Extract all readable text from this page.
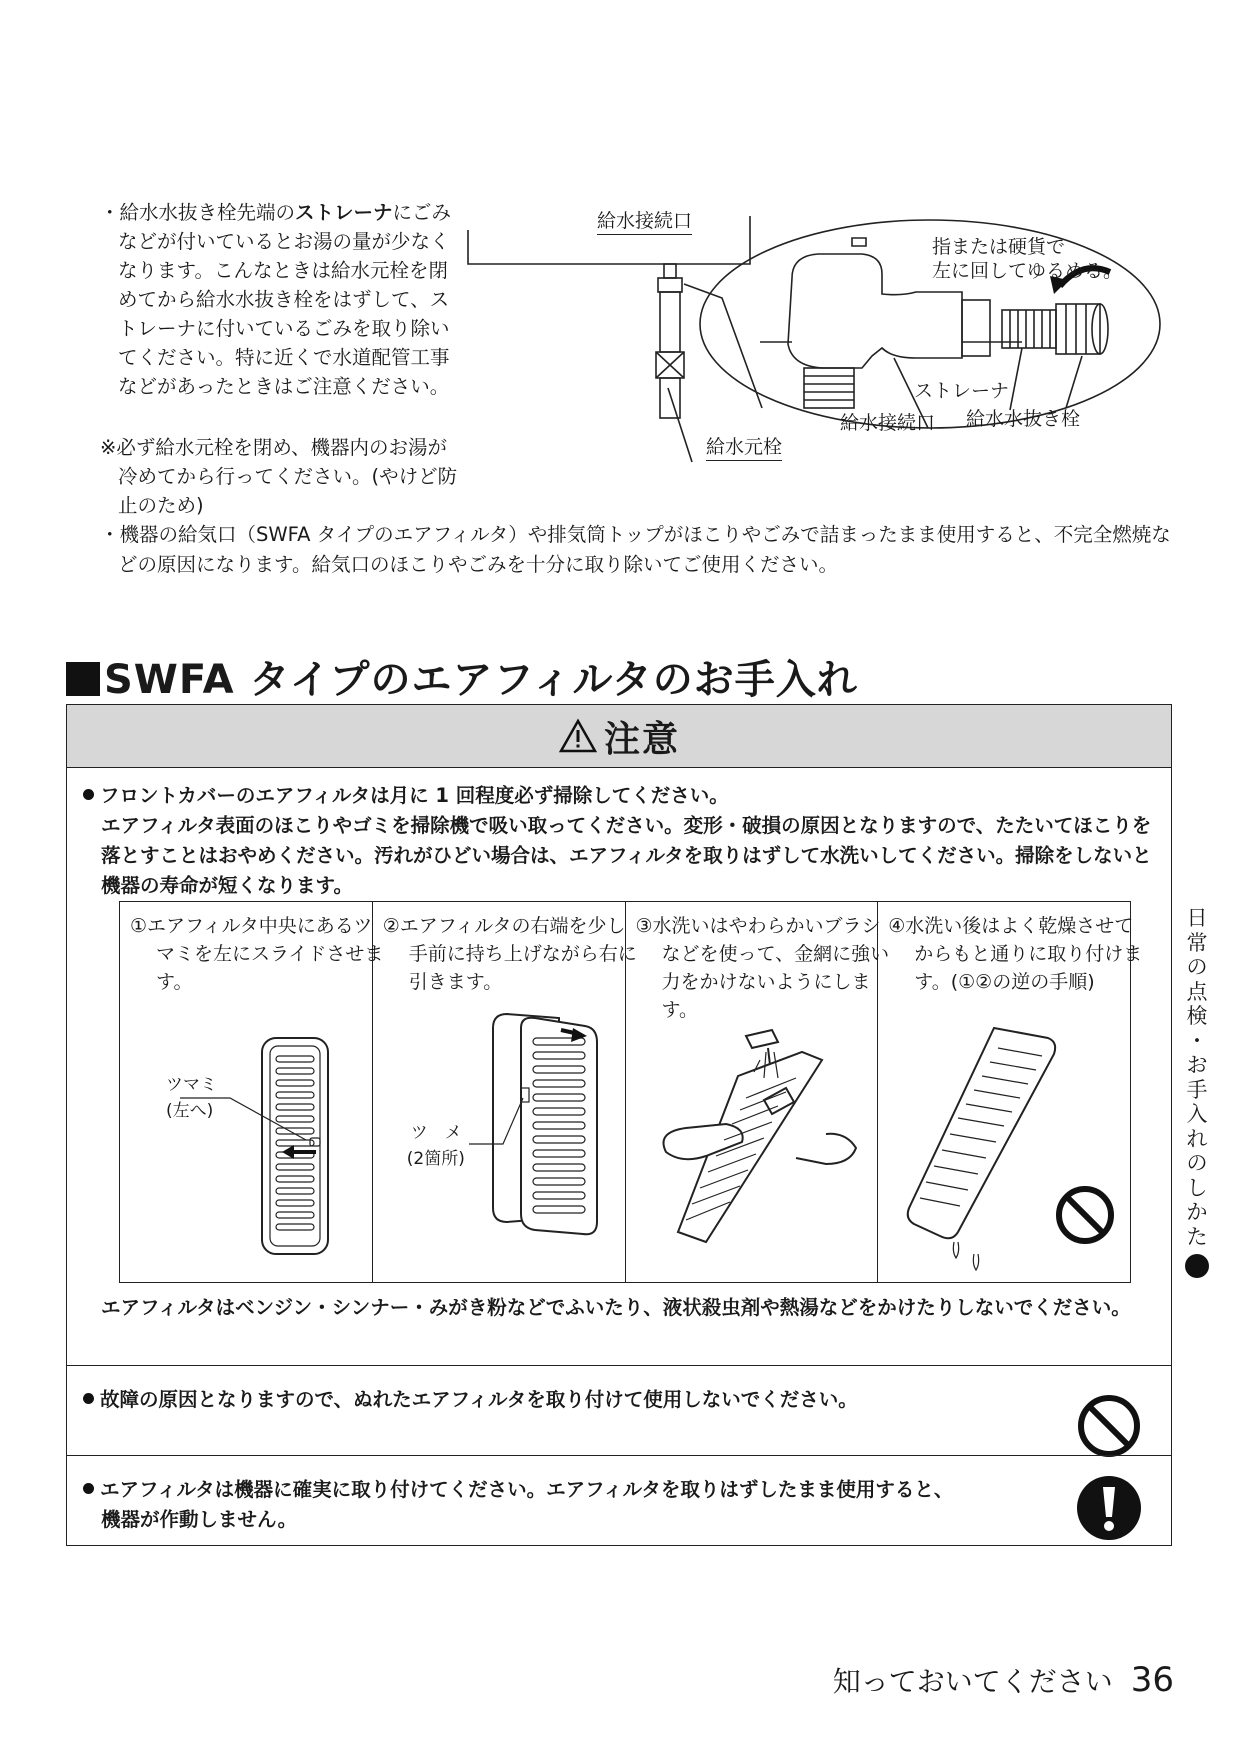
・給水水抜き栓先端のストレーナにごみなどが付いているとお湯の量が少なくなります。こんなときは給水元栓を閉めてから給水水抜き栓をはずして、ストレーナに付いているごみを取り除いてください。特に近くで水道配管工事などがあったときはご注意ください。

※必ず給水元栓を閉め、機器内のお湯が冷めてから行ってください。(やけど防止のため)

・機器の給気口（SWFA タイプのエアフィルタ）や排気筒トップがほこりやごみで詰まったまま使用すると、不完全燃焼などの原因になります。給気口のほこりやごみを十分に取り除いてご使用ください。

給水接続口
指または硬貨で
左に回してゆるめる。
ストレーナ
給水接続口 給水水抜き栓
給水元栓
SWFA タイプのエアフィルタのお手入れ
注意

フロントカバーのエアフィルタは月に 1 回程度必ず掃除してください。

エアフィルタ表面のほこりやゴミを掃除機で吸い取ってください。変形・破損の原因となりますので、たたいてほこりを落とすことはおやめください。汚れがひどい場合は、エアフィルタを取りはずして水洗いしてください。掃除をしないと機器の寿命が短くなります。

①エアフィルタ中央にあるツマミを左にスライドさせます。
ツマミ
(左へ)
②エアフィルタの右端を少し手前に持ち上げながら右に引きます。
ツ　メ
(2箇所)
③水洗いはやわらかいブラシなどを使って、金網に強い力をかけないようにします。
④水洗い後はよく乾燥させてからもと通りに取り付けます。(①②の逆の手順)
エアフィルタはベンジン・シンナー・みがき粉などでふいたり、液状殺虫剤や熱湯などをかけたりしないでください。
故障の原因となりますので、ぬれたエアフィルタを取り付けて使用しないでください。
エアフィルタは機器に確実に取り付けてください。エアフィルタを取りはずしたまま使用すると、
機器が作動しません。
日
常
の
点
検
・
お
手
入
れ
の
し
か
た
知っておいてください 36
